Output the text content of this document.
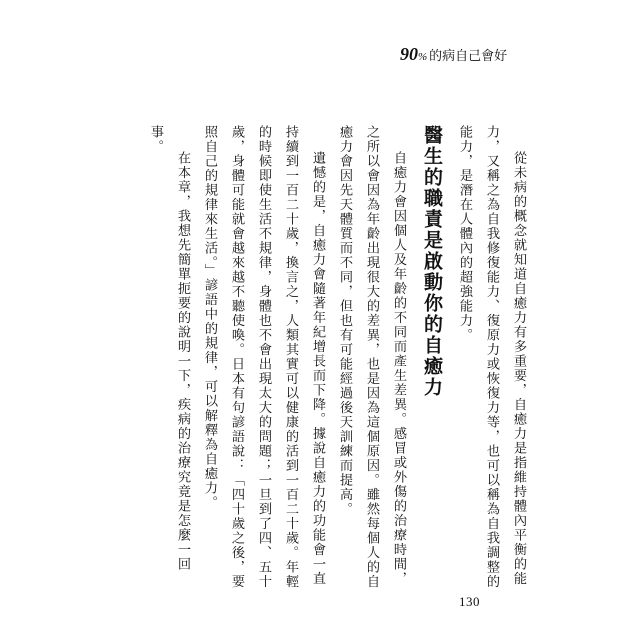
90 % 的病自己會好

從未病的概念就知道自癒力有多重要，自癒力是指維持體內平衡的能力，又稱之為自我修復能力、復原力或恢復力等，也可以稱為自我調整的能力，是潛在人體內的超強能力。

醫生的職責是啟動你的自癒力

自癒力會因個人及年齡的不同而產生差異。感冒或外傷的治療時間，之所以會因為年齡出現很大的差異，也是因為這個原因。雖然每個人的自癒力會因先天體質而不同，但也有可能經過後天訓練而提高。

遺憾的是，自癒力會隨著年紀增長而下降。據說自癒力的功能會一直持續到一百二十歲，換言之，人類其實可以健康的活到一百二十歲。年輕的時候即使生活不規律，身體也不會出現太大的問題；一旦到了四、五十歲，身體可能就會越來越不聽使喚。日本有句諺語說：「四十歲之後，要照自己的規律來生活。」諺語中的規律，可以解釋為自癒力。

在本章，我想先簡單扼要的說明一下，疾病的治療究竟是怎麼一回事。

130
